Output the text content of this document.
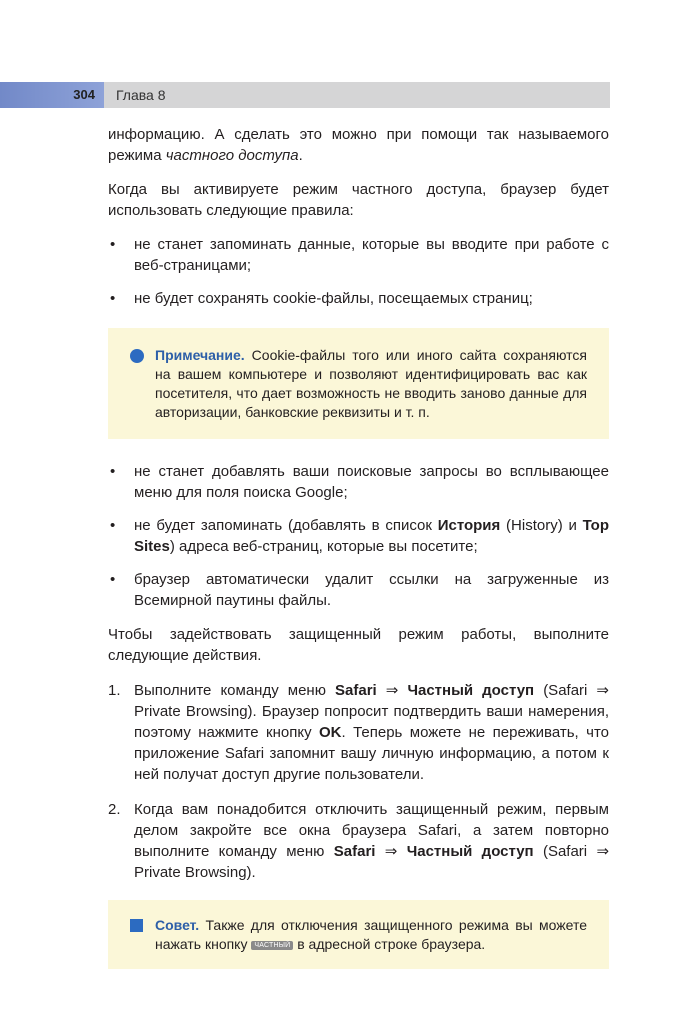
304	Глава 8

информацию. А сделать это можно при помощи так называемого режима частного доступа.

Когда вы активируете режим частного доступа, браузер будет использовать следующие правила:

• не станет запоминать данные, которые вы вводите при работе с веб-страницами;
• не будет сохранять cookie-файлы, посещаемых страниц;
Примечание. Cookie-файлы того или иного сайта сохраняются на вашем компьютере и позволяют идентифицировать вас как посетителя, что дает возможность не вводить заново данные для авторизации, банковские реквизиты и т. п.
• не станет добавлять ваши поисковые запросы во всплывающее меню для поля поиска Google;
• не будет запоминать (добавлять в список История (History) и Top Sites) адреса веб-страниц, которые вы посетите;
• браузер автоматически удалит ссылки на загруженные из Всемирной паутины файлы.

Чтобы задействовать защищенный режим работы, выполните следующие действия.

1. Выполните команду меню Safari ⇒ Частный доступ (Safari ⇒ Private Browsing). Браузер попросит подтвердить ваши намерения, поэтому нажмите кнопку OK. Теперь можете не переживать, что приложение Safari запомнит вашу личную информацию, а потом к ней получат доступ другие пользователи.
2. Когда вам понадобится отключить защищенный режим, первым делом закройте все окна браузера Safari, а затем повторно выполните команду меню Safari ⇒ Частный доступ (Safari ⇒ Private Browsing).
Совет. Также для отключения защищенного режима вы можете нажать кнопку ЧАСТНЫЙ в адресной строке браузера.
